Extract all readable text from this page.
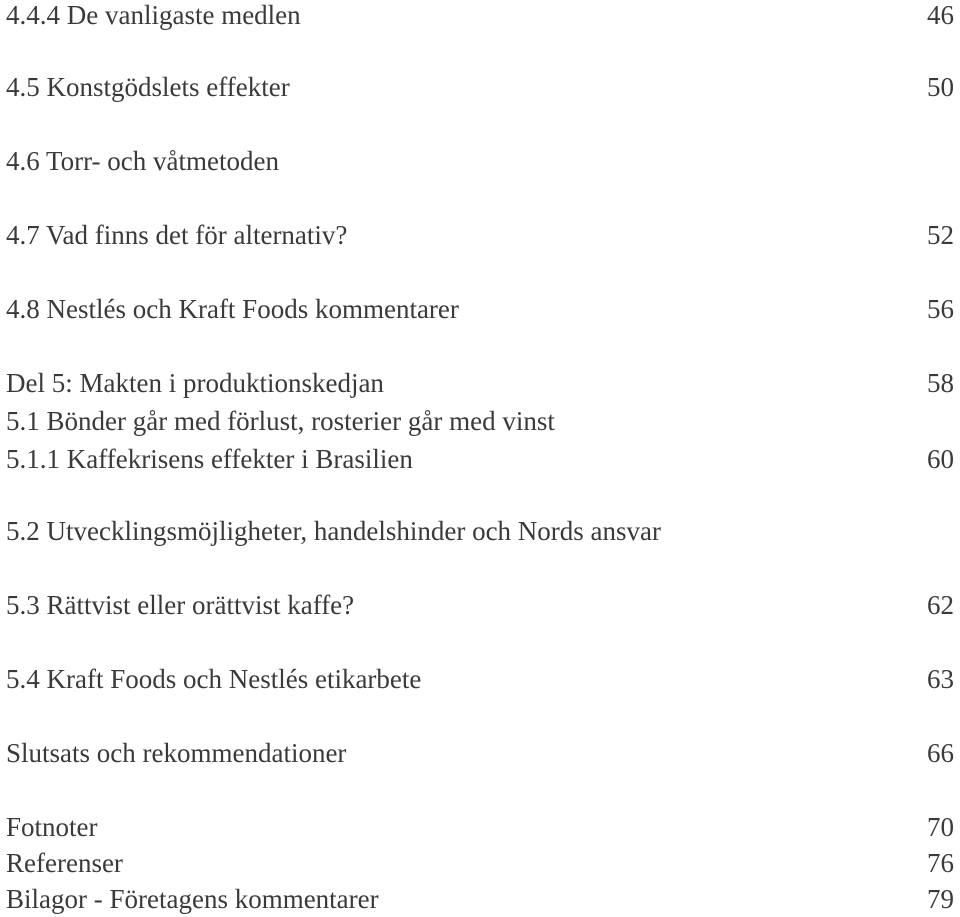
4.4.4 De vanligaste medlen	46
4.5 Konstgödslets effekter	50
4.6 Torr- och våtmetoden
4.7 Vad finns det för alternativ?	52
4.8 Nestlés och Kraft Foods kommentarer	56
Del 5: Makten i produktionskedjan	58
5.1 Bönder går med förlust, rosterier går med vinst
5.1.1 Kaffekrisens effekter i Brasilien	60
5.2 Utvecklingsmöjligheter, handelshinder och Nords ansvar
5.3 Rättvist eller orättvist kaffe?	62
5.4 Kraft Foods och Nestlés etikarbete	63
Slutsats och rekommendationer	66
Fotnoter	70
Referenser	76
Bilagor - Företagens kommentarer	79
